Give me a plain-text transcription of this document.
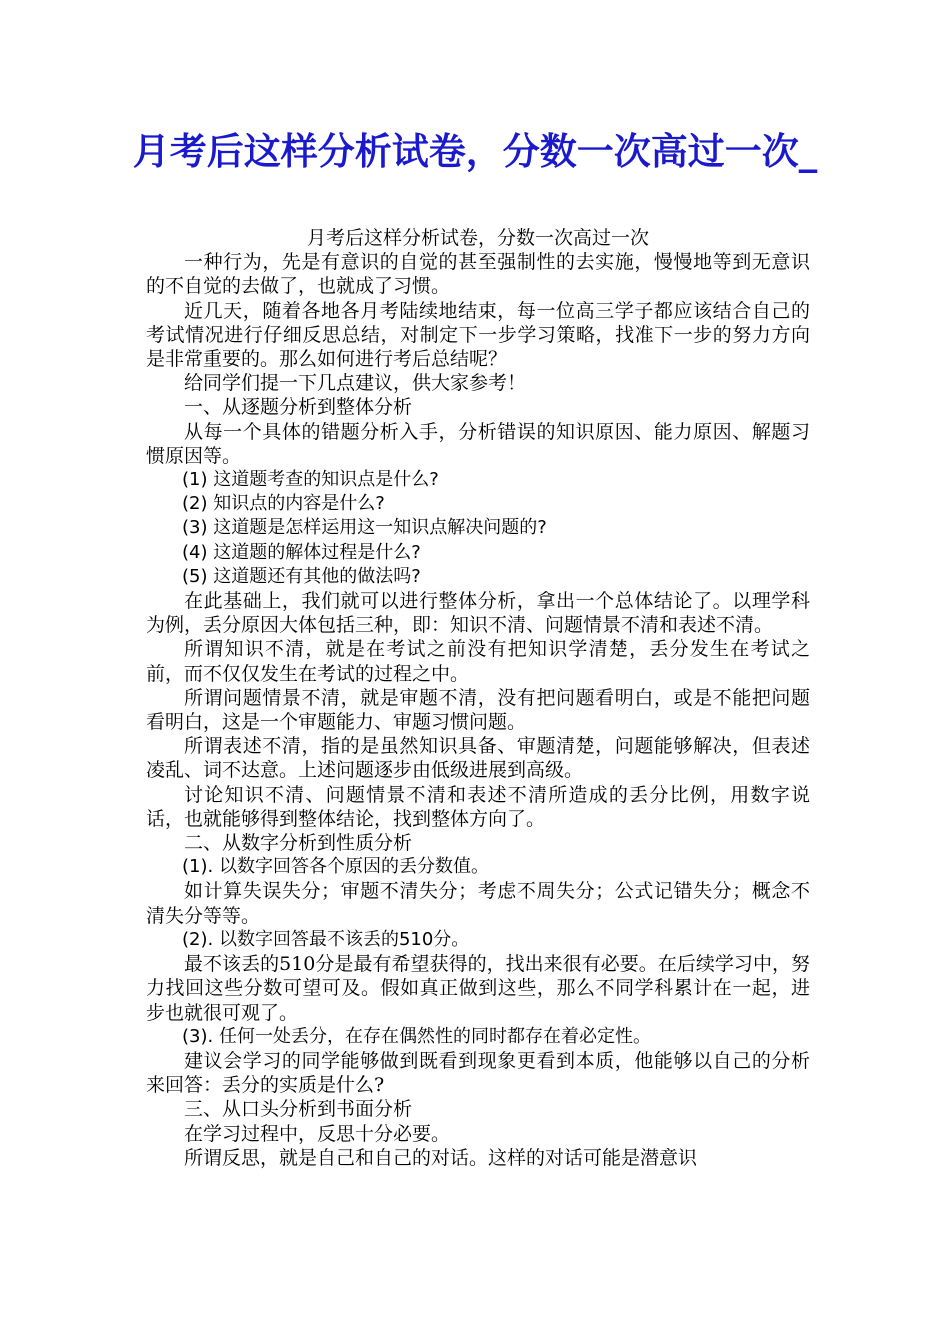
月考后这样分析试卷，分数一次高过一次_

月考后这样分析试卷，分数一次高过一次

一种行为，先是有意识的自觉的甚至强制性的去实施，慢慢地等到无意识的不自觉的去做了，也就成了习惯。

近几天，随着各地各月考陆续地结束，每一位高三学子都应该结合自己的考试情况进行仔细反思总结，对制定下一步学习策略，找准下一步的努力方向是非常重要的。那么如何进行考后总结呢？

给同学们提一下几点建议，供大家参考！

一、从逐题分析到整体分析

从每一个具体的错题分析入手，分析错误的知识原因、能力原因、解题习惯原因等。

(1) 这道题考查的知识点是什么?

(2) 知识点的内容是什么?

(3) 这道题是怎样运用这一知识点解决问题的?

(4) 这道题的解体过程是什么?

(5) 这道题还有其他的做法吗?

在此基础上，我们就可以进行整体分析，拿出一个总体结论了。以理学科为例，丢分原因大体包括三种，即：知识不清、问题情景不清和表述不清。

所谓知识不清，就是在考试之前没有把知识学清楚，丢分发生在考试之前，而不仅仅发生在考试的过程之中。

所谓问题情景不清，就是审题不清，没有把问题看明白，或是不能把问题看明白，这是一个审题能力、审题习惯问题。

所谓表述不清，指的是虽然知识具备、审题清楚，问题能够解决，但表述凌乱、词不达意。上述问题逐步由低级进展到高级。

讨论知识不清、问题情景不清和表述不清所造成的丢分比例，用数字说话，也就能够得到整体结论，找到整体方向了。

二、从数字分析到性质分析

(1). 以数字回答各个原因的丢分数值。

如计算失误失分；审题不清失分；考虑不周失分；公式记错失分；概念不清失分等等。

(2). 以数字回答最不该丢的510分。

最不该丢的510分是最有希望获得的，找出来很有必要。在后续学习中，努力找回这些分数可望可及。假如真正做到这些，那么不同学科累计在一起，进步也就很可观了。

(3). 任何一处丢分，在存在偶然性的同时都存在着必定性。

建议会学习的同学能够做到既看到现象更看到本质，他能够以自己的分析来回答：丢分的实质是什么?

三、从口头分析到书面分析

在学习过程中，反思十分必要。

所谓反思，就是自己和自己的对话。这样的对话可能是潜意识
